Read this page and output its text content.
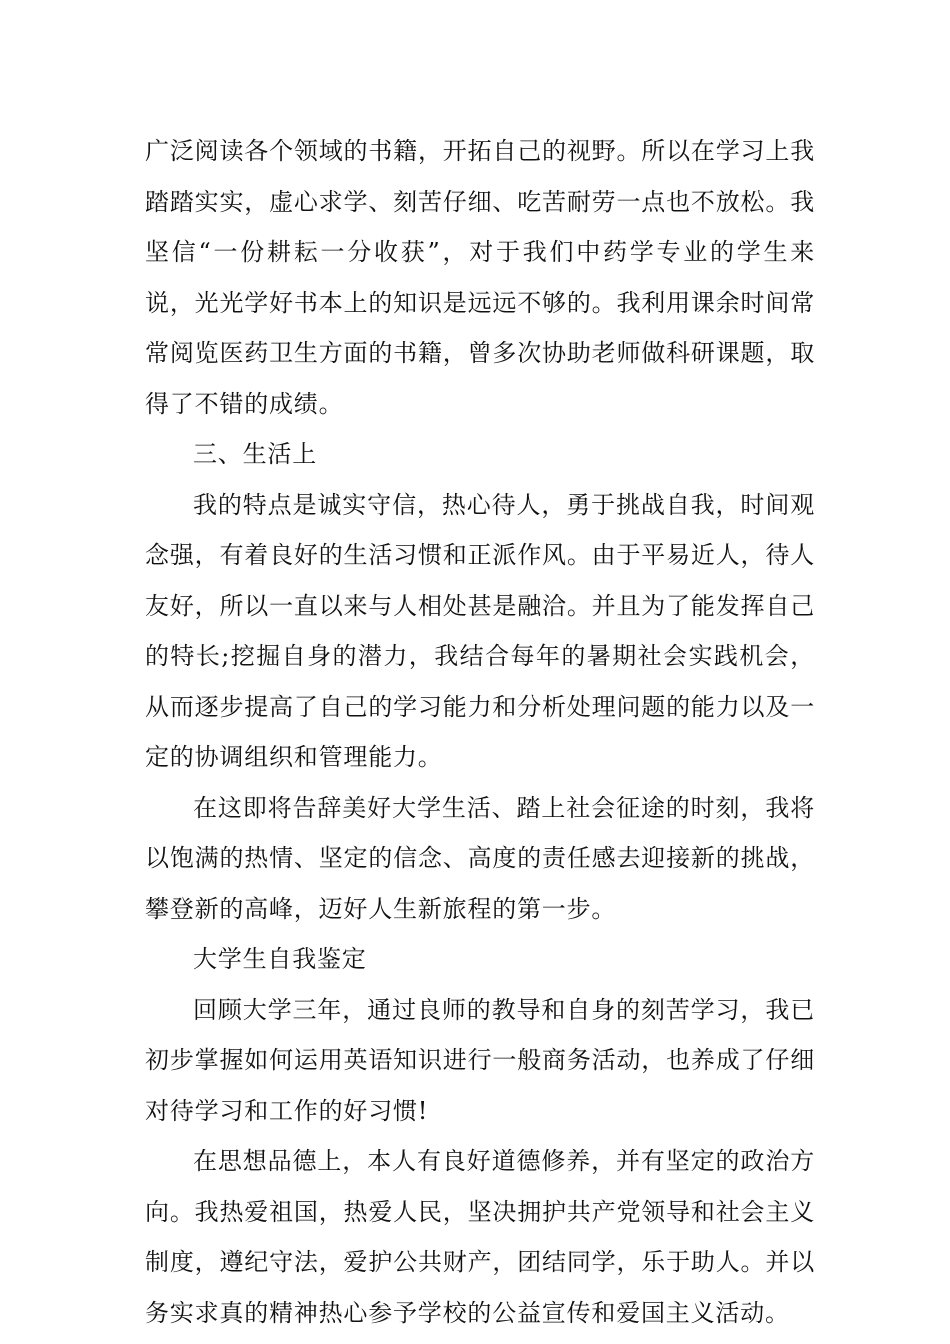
广泛阅读各个领域的书籍，开拓自己的视野。所以在学习上我踏踏实实，虚心求学、刻苦仔细、吃苦耐劳一点也不放松。我坚信“一份耕耘一分收获”，对于我们中药学专业的学生来说，光光学好书本上的知识是远远不够的。我利用课余时间常常阅览医药卫生方面的书籍，曾多次协助老师做科研课题，取得了不错的成绩。

三、生活上

我的特点是诚实守信，热心待人，勇于挑战自我，时间观念强，有着良好的生活习惯和正派作风。由于平易近人，待人友好，所以一直以来与人相处甚是融洽。并且为了能发挥自己的特长;挖掘自身的潜力，我结合每年的暑期社会实践机会，从而逐步提高了自己的学习能力和分析处理问题的能力以及一定的协调组织和管理能力。

在这即将告辞美好大学生活、踏上社会征途的时刻，我将以饱满的热情、坚定的信念、高度的责任感去迎接新的挑战，攀登新的高峰，迈好人生新旅程的第一步。

大学生自我鉴定

回顾大学三年，通过良师的教导和自身的刻苦学习，我已初步掌握如何运用英语知识进行一般商务活动，也养成了仔细对待学习和工作的好习惯!

在思想品德上，本人有良好道德修养，并有坚定的政治方向。我热爱祖国，热爱人民，坚决拥护共产党领导和社会主义制度，遵纪守法，爱护公共财产，团结同学，乐于助人。并以务实求真的精神热心参予学校的公益宣传和爱国主义活动。
